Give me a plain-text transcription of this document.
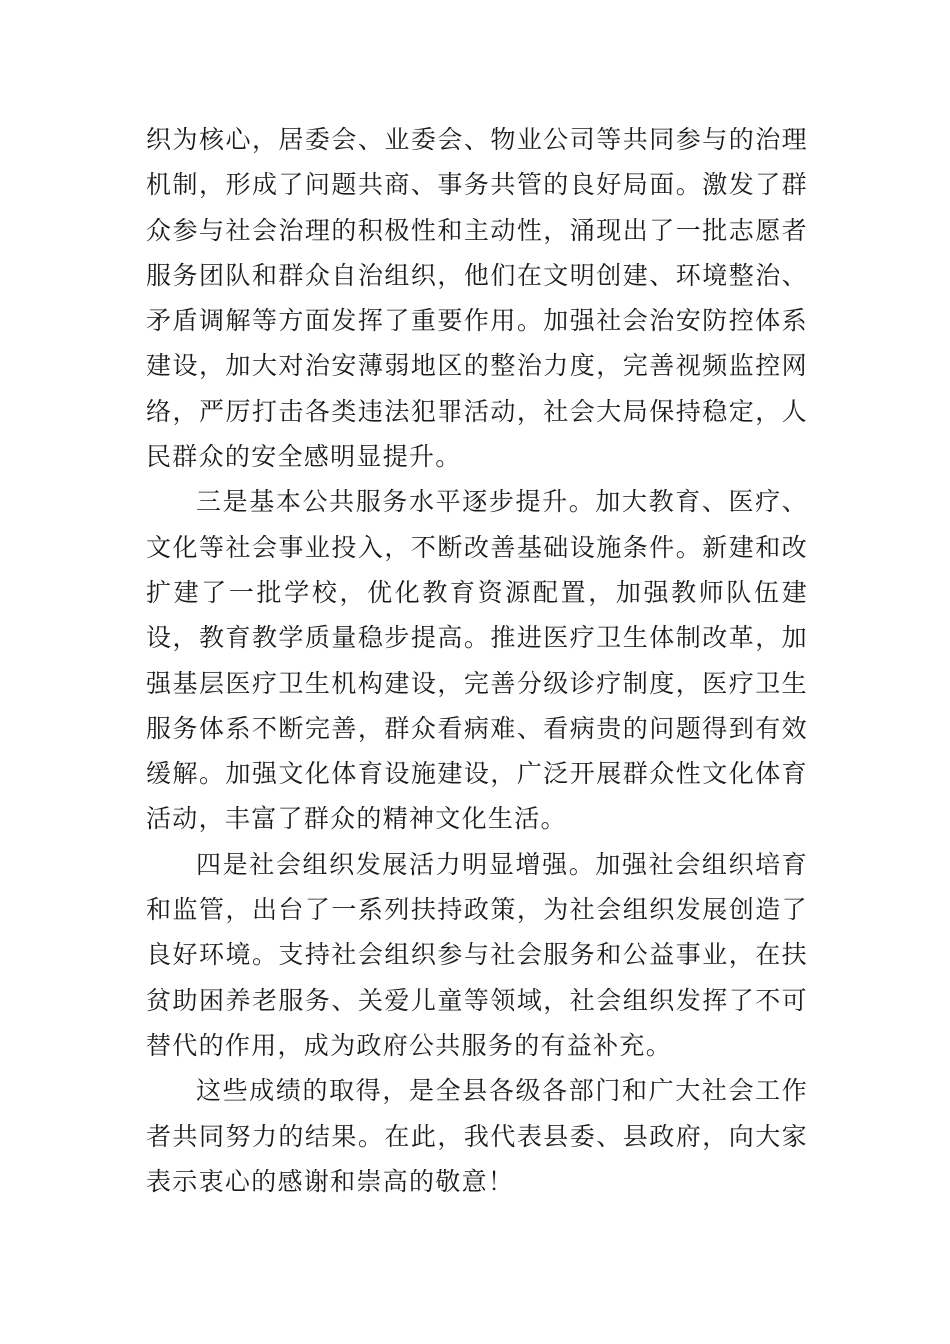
织为核心，居委会、业委会、物业公司等共同参与的治理机制，形成了问题共商、事务共管的良好局面。激发了群众参与社会治理的积极性和主动性，涌现出了一批志愿者服务团队和群众自治组织，他们在文明创建、环境整治、矛盾调解等方面发挥了重要作用。加强社会治安防控体系建设，加大对治安薄弱地区的整治力度，完善视频监控网络，严厉打击各类违法犯罪活动，社会大局保持稳定，人民群众的安全感明显提升。

三是基本公共服务水平逐步提升。加大教育、医疗、文化等社会事业投入，不断改善基础设施条件。新建和改扩建了一批学校，优化教育资源配置，加强教师队伍建设，教育教学质量稳步提高。推进医疗卫生体制改革，加强基层医疗卫生机构建设，完善分级诊疗制度，医疗卫生服务体系不断完善，群众看病难、看病贵的问题得到有效缓解。加强文化体育设施建设，广泛开展群众性文化体育活动，丰富了群众的精神文化生活。

四是社会组织发展活力明显增强。加强社会组织培育和监管，出台了一系列扶持政策，为社会组织发展创造了良好环境。支持社会组织参与社会服务和公益事业，在扶贫助困养老服务、关爱儿童等领域，社会组织发挥了不可替代的作用，成为政府公共服务的有益补充。

这些成绩的取得，是全县各级各部门和广大社会工作者共同努力的结果。在此，我代表县委、县政府，向大家表示衷心的感谢和崇高的敬意！
